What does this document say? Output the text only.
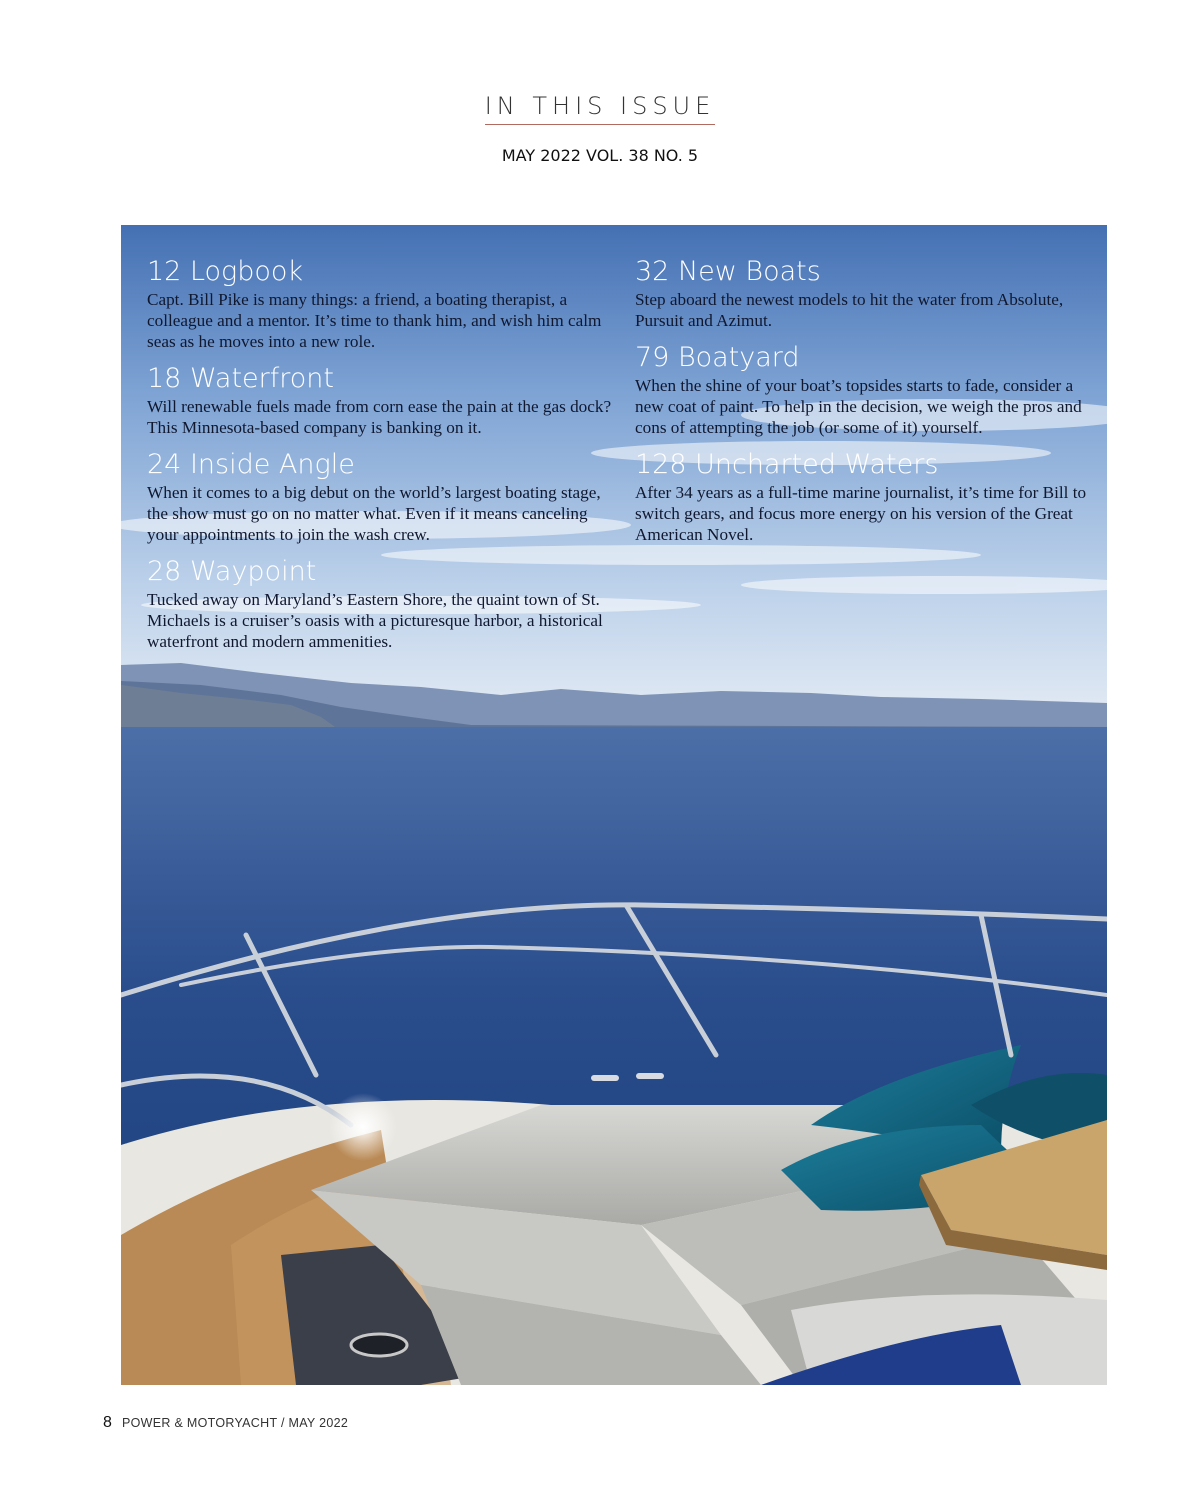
IN THIS ISSUE
MAY 2022 VOL. 38 NO. 5

12 Logbook

Capt. Bill Pike is many things: a friend, a boating therapist, a colleague and a mentor. It’s time to thank him, and wish him calm seas as he moves into a new role.

18 Waterfront

Will renewable fuels made from corn ease the pain at the gas dock? This Minnesota-based company is banking on it.

24 Inside Angle

When it comes to a big debut on the world’s largest boating stage, the show must go on no matter what. Even if it means canceling your appointments to join the wash crew.

28 Waypoint

Tucked away on Maryland’s Eastern Shore, the quaint town of St. Michaels is a cruiser’s oasis with a picturesque harbor, a historical waterfront and modern ammenities.

32 New Boats

Step aboard the newest models to hit the water from Absolute, Pursuit and Azimut.

79 Boatyard

When the shine of your boat’s topsides starts to fade, consider a new coat of paint. To help in the decision, we weigh the pros and cons of attempting the job (or some of it) yourself.

128 Uncharted Waters

After 34 years as a full-time marine journalist, it’s time for Bill to switch gears, and focus more energy on his version of the Great American Novel.

8 POWER & MOTORYACHT / MAY 2022
